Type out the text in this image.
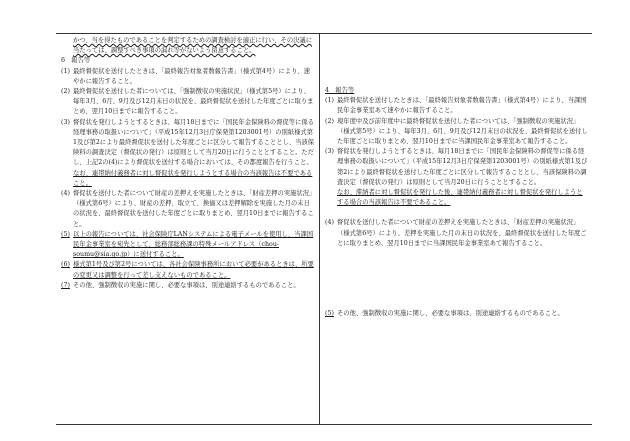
かつ、当を得たものであることを判定するための調査検討を適正に行い、その決議に当たっては、調整すべき事項の漏れ等がないよう留意すること。

6　報告等

(1) 最終督促状を送付したときは、「最終報告対象者数報告書」（様式第4号）により、速やかに報告すること。

(2) 最終督促状を送付した者については、「強制徴収の実施状況」（様式第5号）により、毎年3月、6月、9月及び12月末日の状況を、最終督促状を送付した年度ごとに取りまとめ、翌月10日までに報告すること。

(3) 督促状を発行しようとするときは、毎月18日までに「国民年金保険料の督促等に係る経理事務の取扱いについて」（平成15年12月3日庁保発第1203001号）の別紙様式第1及び第2により最終督促状を送付した年度ごとに区分して報告することとし、当該保険料の調査決定（督促状の発行）は原則として当月20日に行うこととすること。ただし、上記2の(4)により督促状を送付する場合においては、その都度報告を行うこと。

なお、連帯納付義務者に対し督促状を発行しようとする場合の当該報告は不要であること。

(4) 督促状を送付した者について財産の差押えを実施したときは、「財産差押の実施状況」（様式第6号）により、財産の差押、取立て、換価又は差押解除を実施した月の末日の状況を、最終督促状を送付した年度ごとに取りまとめ、翌月10日までに報告すること。

(5) 以上の報告については、社会保険庁LANシステムによる電子メールを使用し、当課国民年金事業室を宛先として、総務部総務課の特殊メールアドレス（chou-soumu@sia.go.jp）に送付すること。

(6) 様式第1号及び第2号については、各社会保険事務所において必要があるときは、所要の変更又は調整を行って差し支えないものであること。

(7) その他、強制徴収の実施に関し、必要な事項は、別途連絡するものであること。

4　報告等

(1) 最終督促状を送付したときは、「最終報告対象者数報告書」（様式第4号）により、当課国民年金事業室あて速やかに報告すること。

(2) 現年度中及び前年度中に最終督促状を送付した者については、「強制徴収の実施状況」（様式第5号）により、毎年3月、6月、9月及び12月末日の状況を、最終督促状を送付した年度ごとに取りまとめ、翌月10日までに当課国民年金事業室あて報告すること。

(3) 督促状を発行しようとするときは、毎月18日までに「国民年金保険料の督促等に係る経理事務の取扱いについて」（平成15年12月3日庁保発第1203001号）の別紙様式第1及び第2により最終督促状を送付した年度ごとに区分して報告することとし、当該保険料の調査決定（督促状の発行）は原則として当月20日に行うこととすること。

なお、滞納者に対し督促状を発行した後、連帯納付義務者に対し督促状を発行しようとする場合の当該報告は不要であること。

(4) 督促状を送付した者について財産の差押えを実施したときは、「財産差押の実施状況」（様式第6号）により、差押を実施した月の末日の状況を、最終督促状を送付した年度ごとに取りまとめ、翌月10日までに当課国民年金事業室あて報告すること。

(5) その他、強制徴収の実施に関し、必要な事項は、別途連絡するものであること。
